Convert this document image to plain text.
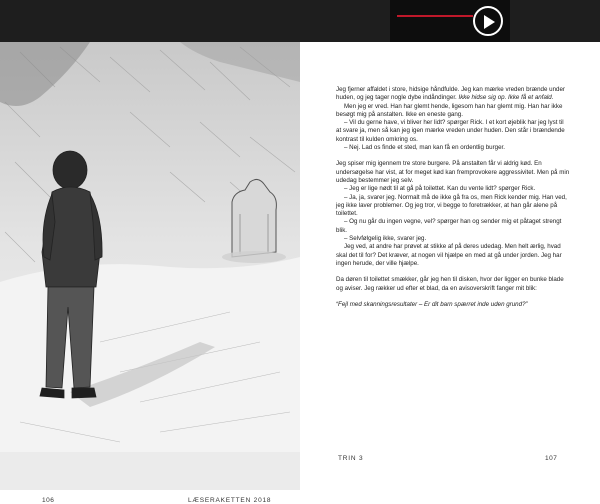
106	LÆSERAKETTEN 2018

Jeg fjerner affaldet i store, hidsige håndfulde. Jeg kan mærke vreden brænde under huden, og jeg tager nogle dybe indåndinger. Ikke hidse sig op. Ikke få et anfald.

Men jeg er vred. Han har glemt hende, ligesom han har glemt mig. Han har ikke besøgt mig på anstalten. Ikke en eneste gang.

– Vil du gerne have, vi bliver her lidt? spørger Rick. I et kort øjeblik har jeg lyst til at svare ja, men så kan jeg igen mærke vreden under huden. Den står i brændende kontrast til kulden omkring os.

– Nej. Lad os finde et sted, man kan få en ordentlig burger.

Jeg spiser mig igennem tre store burgere. På anstalten får vi aldrig kød. En undersøgelse har vist, at for meget kød kan fremprovokere aggressivitet. Men på min udedag bestemmer jeg selv.

– Jeg er lige nødt til at gå på toilettet. Kan du vente lidt? spørger Rick.

– Ja, ja, svarer jeg. Normalt må de ikke gå fra os, men Rick kender mig. Han ved, jeg ikke laver problemer. Og jeg tror, vi begge to foretrækker, at han går alene på toilettet.

– Og nu går du ingen vegne, vel? spørger han og sender mig et påtaget strengt blik.

– Selvfølgelig ikke, svarer jeg.

Jeg ved, at andre har prøvet at stikke af på deres udedag. Men helt ærlig, hvad skal det til for? Det kræver, at nogen vil hjælpe en med at gå under jorden. Jeg har ingen herude, der ville hjælpe.

Da døren til toilettet smækker, går jeg hen til disken, hvor der ligger en bunke blade og aviser. Jeg rækker ud efter et blad, da en avisoverskrift fanger mit blik:

“Fejl med skanningsresultater – Er dit barn spærret inde uden grund?”

TRIN 3	107
